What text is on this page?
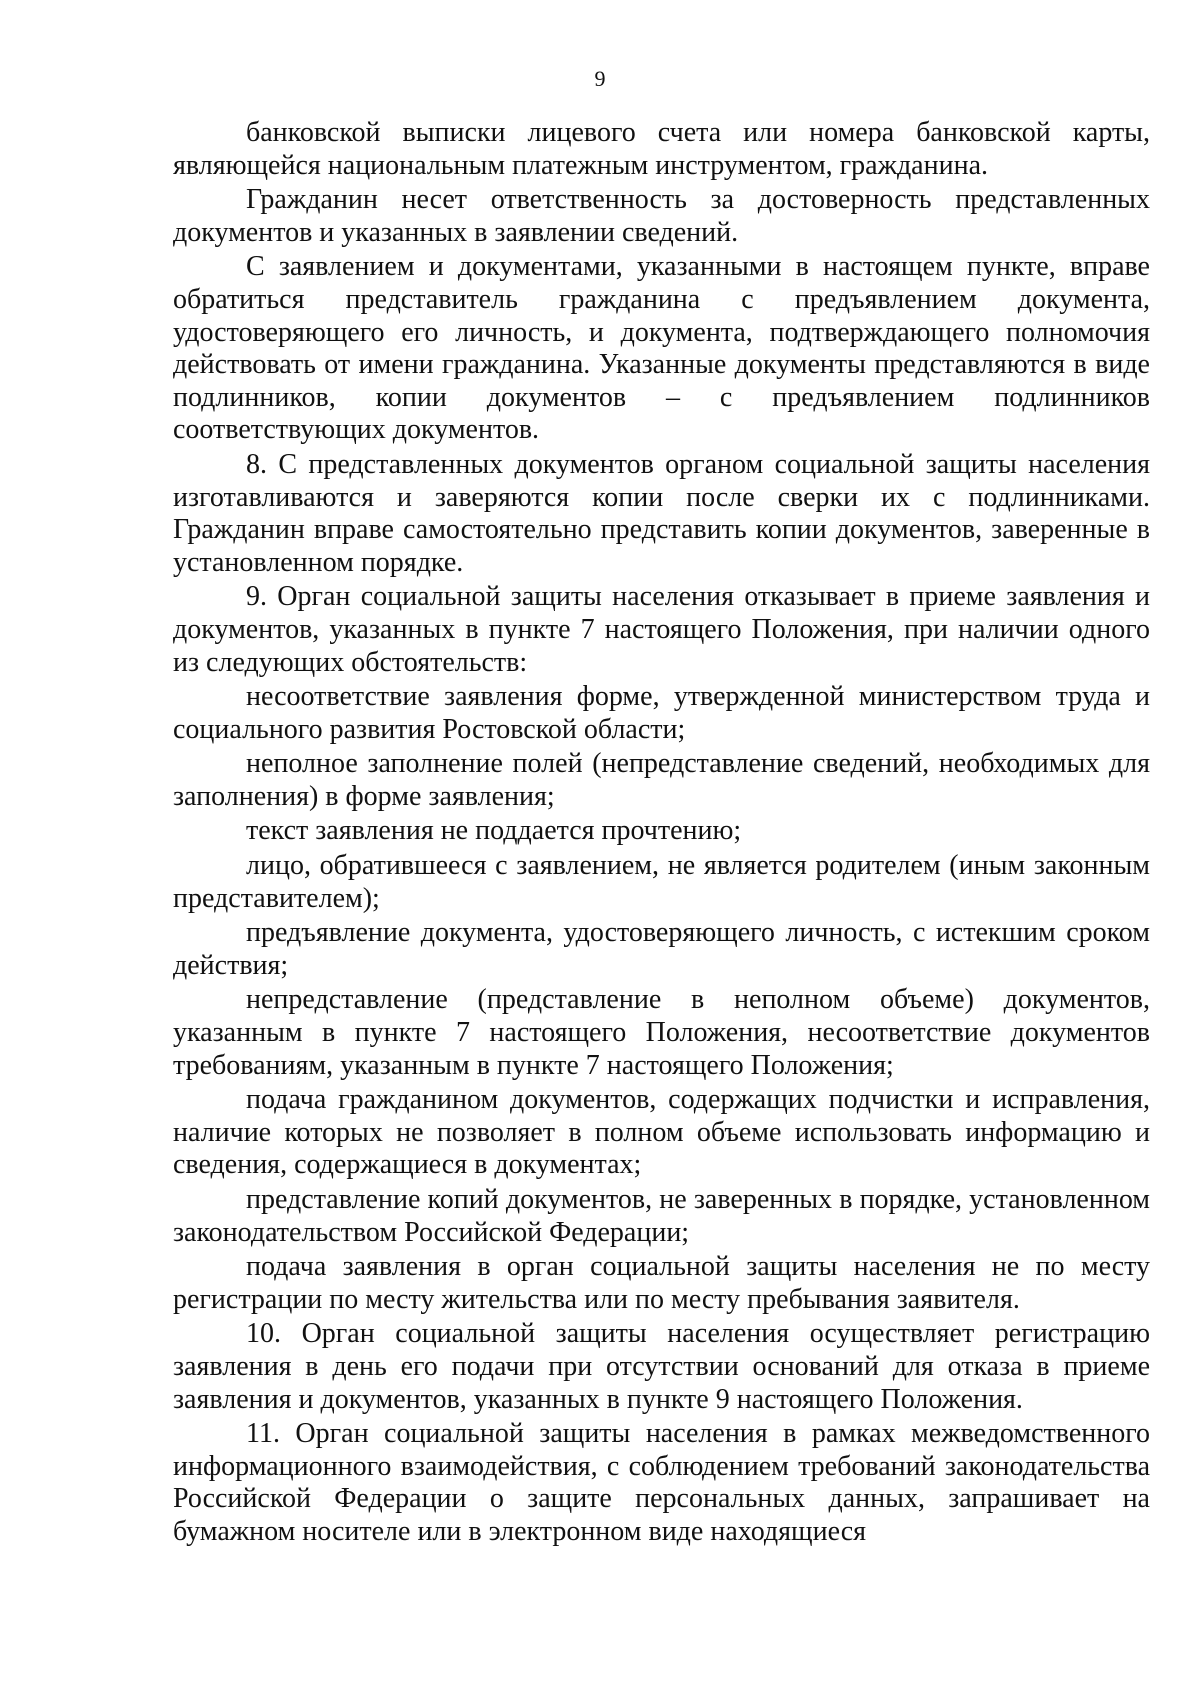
9

банковской выписки лицевого счета или номера банковской карты, являющейся национальным платежным инструментом, гражданина.

Гражданин несет ответственность за достоверность представленных документов и указанных в заявлении сведений.

С заявлением и документами, указанными в настоящем пункте, вправе обратиться представитель гражданина с предъявлением документа, удостоверяющего его личность, и документа, подтверждающего полномочия действовать от имени гражданина. Указанные документы представляются в виде подлинников, копии документов – с предъявлением подлинников соответствующих документов.

8. С представленных документов органом социальной защиты населения изготавливаются и заверяются копии после сверки их с подлинниками. Гражданин вправе самостоятельно представить копии документов, заверенные в установленном порядке.

9. Орган социальной защиты населения отказывает в приеме заявления и документов, указанных в пункте 7 настоящего Положения, при наличии одного из следующих обстоятельств:

несоответствие заявления форме, утвержденной министерством труда и социального развития Ростовской области;

неполное заполнение полей (непредставление сведений, необходимых для заполнения) в форме заявления;

текст заявления не поддается прочтению;

лицо, обратившееся с заявлением, не является родителем (иным законным представителем);

предъявление документа, удостоверяющего личность, с истекшим сроком действия;

непредставление (представление в неполном объеме) документов, указанным в пункте 7 настоящего Положения, несоответствие документов требованиям, указанным в пункте 7 настоящего Положения;

подача гражданином документов, содержащих подчистки и исправления, наличие которых не позволяет в полном объеме использовать информацию и сведения, содержащиеся в документах;

представление копий документов, не заверенных в порядке, установленном законодательством Российской Федерации;

подача заявления в орган социальной защиты населения не по месту регистрации по месту жительства или по месту пребывания заявителя.

10. Орган социальной защиты населения осуществляет регистрацию заявления в день его подачи при отсутствии оснований для отказа в приеме заявления и документов, указанных в пункте 9 настоящего Положения.

11. Орган социальной защиты населения в рамках межведомственного информационного взаимодействия, с соблюдением требований законодательства Российской Федерации о защите персональных данных, запрашивает на бумажном носителе или в электронном виде находящиеся
